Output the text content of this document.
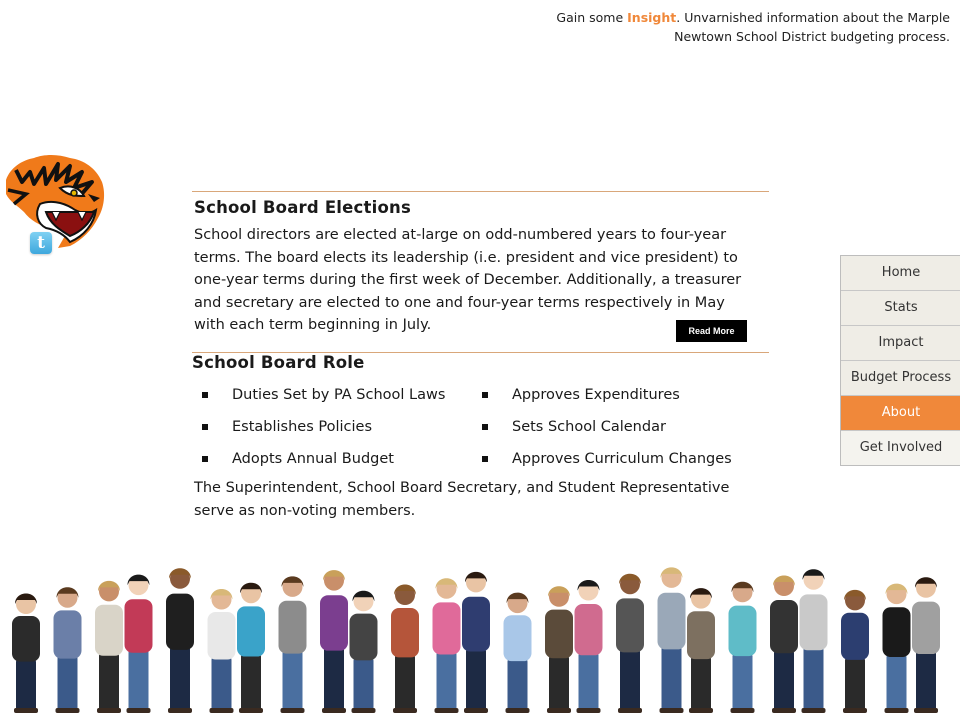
Gain some Insight. Unvarnished information about the Marple Newtown School District budgeting process.
t
School Board Elections
School directors are elected at-large on odd-numbered years to four-year terms. The board elects its leadership (i.e. president and vice president) to one-year terms during the first week of December. Additionally, a treasurer and secretary are elected to one and four-year terms respectively in May with each term beginning in July.	Read More
School Board Role
Duties Set by PA School Laws	Approves Expenditures
Establishes Policies	Sets School Calendar
Adopts Annual Budget	Approves Curriculum Changes
The Superintendent, School Board Secretary, and Student Representative serve as non-voting members.
Home
Stats
Impact
Budget Process
About
Get Involved
